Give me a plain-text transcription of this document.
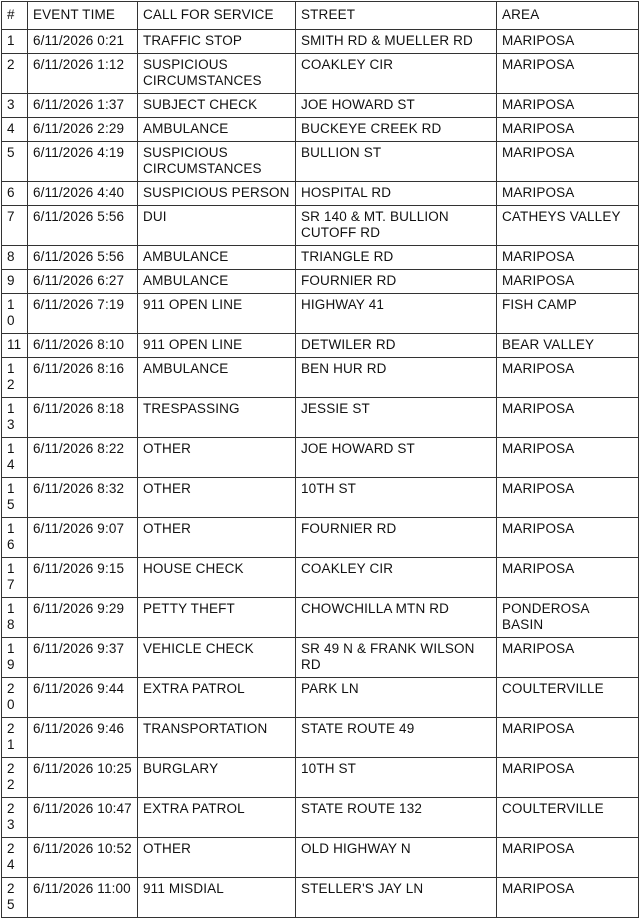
#	EVENT TIME	CALL FOR SERVICE	STREET	AREA
1	6/11/2026 0:21	TRAFFIC STOP	SMITH RD & MUELLER RD	MARIPOSA
2	6/11/2026 1:12	SUSPICIOUS CIRCUMSTANCES	COAKLEY CIR	MARIPOSA
3	6/11/2026 1:37	SUBJECT CHECK	JOE HOWARD ST	MARIPOSA
4	6/11/2026 2:29	AMBULANCE	BUCKEYE CREEK RD	MARIPOSA
5	6/11/2026 4:19	SUSPICIOUS CIRCUMSTANCES	BULLION ST	MARIPOSA
6	6/11/2026 4:40	SUSPICIOUS PERSON	HOSPITAL RD	MARIPOSA
7	6/11/2026 5:56	DUI	SR 140 & MT. BULLION CUTOFF RD	CATHEYS VALLEY
8	6/11/2026 5:56	AMBULANCE	TRIANGLE RD	MARIPOSA
9	6/11/2026 6:27	AMBULANCE	FOURNIER RD	MARIPOSA
10	6/11/2026 7:19	911 OPEN LINE	HIGHWAY 41	FISH CAMP
11	6/11/2026 8:10	911 OPEN LINE	DETWILER RD	BEAR VALLEY
12	6/11/2026 8:16	AMBULANCE	BEN HUR RD	MARIPOSA
13	6/11/2026 8:18	TRESPASSING	JESSIE ST	MARIPOSA
14	6/11/2026 8:22	OTHER	JOE HOWARD ST	MARIPOSA
15	6/11/2026 8:32	OTHER	10TH ST	MARIPOSA
16	6/11/2026 9:07	OTHER	FOURNIER RD	MARIPOSA
17	6/11/2026 9:15	HOUSE CHECK	COAKLEY CIR	MARIPOSA
18	6/11/2026 9:29	PETTY THEFT	CHOWCHILLA MTN RD	PONDEROSA BASIN
19	6/11/2026 9:37	VEHICLE CHECK	SR 49 N & FRANK WILSON RD	MARIPOSA
20	6/11/2026 9:44	EXTRA PATROL	PARK LN	COULTERVILLE
21	6/11/2026 9:46	TRANSPORTATION	STATE ROUTE 49	MARIPOSA
22	6/11/2026 10:25	BURGLARY	10TH ST	MARIPOSA
23	6/11/2026 10:47	EXTRA PATROL	STATE ROUTE 132	COULTERVILLE
24	6/11/2026 10:52	OTHER	OLD HIGHWAY N	MARIPOSA
25	6/11/2026 11:00	911 MISDIAL	STELLER'S JAY LN	MARIPOSA
